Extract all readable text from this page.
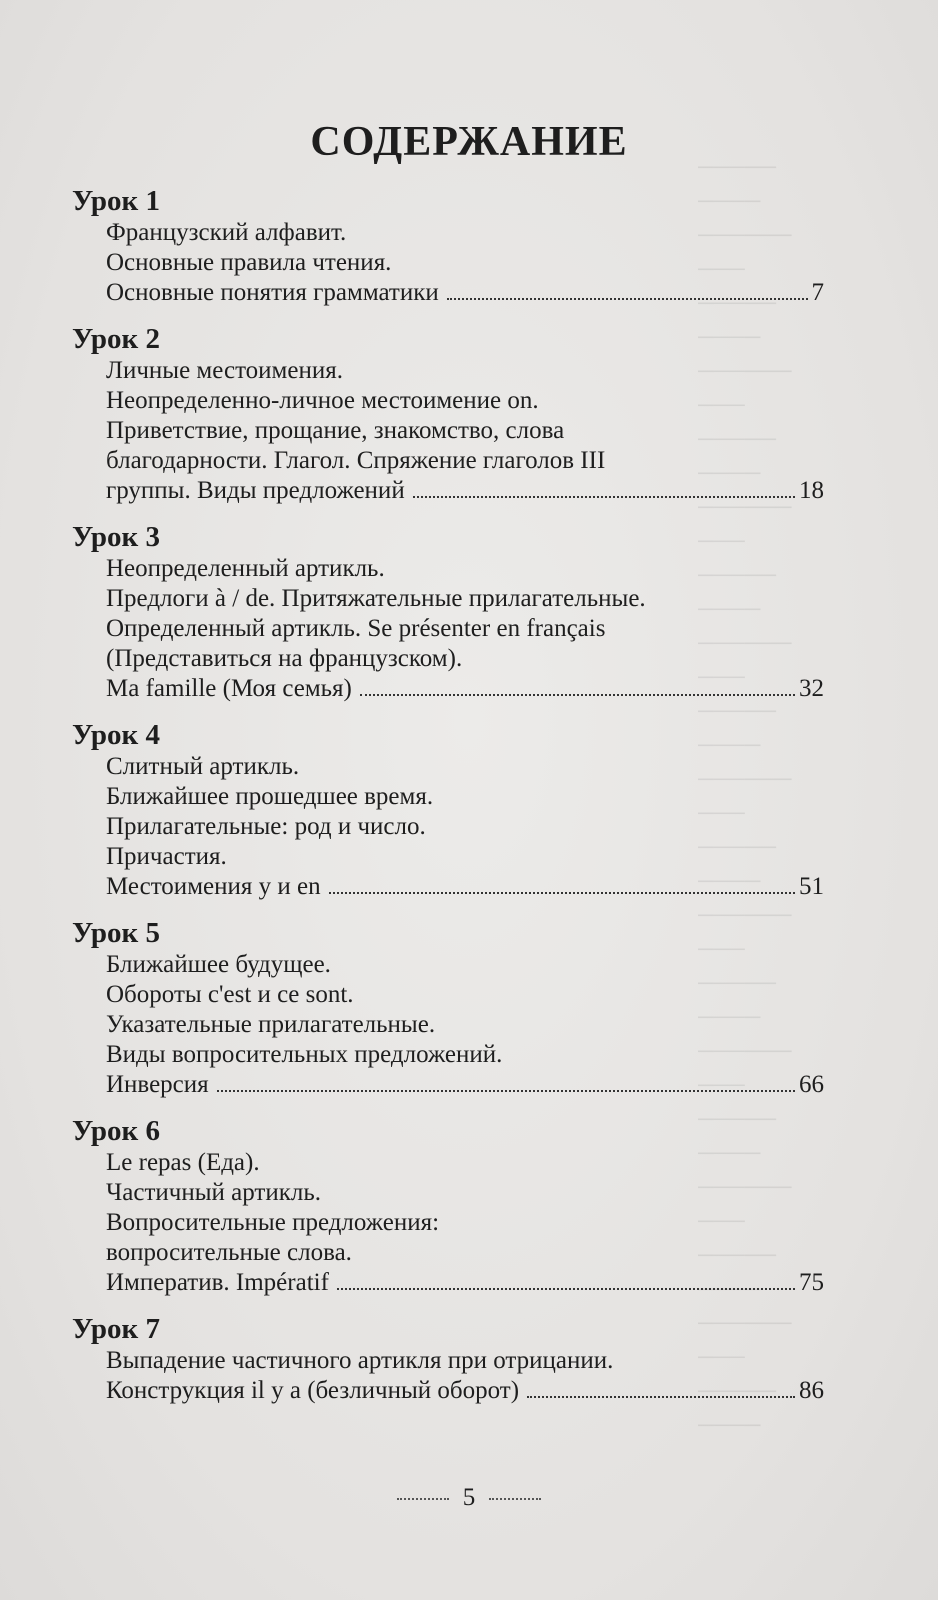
─────
────
──────
───
─────
────
──────
───
─────
────
──────
───
─────
────
──────
───
─────
────
──────
───
─────
────
──────
───
─────
────
──────
───
─────
────
──────
───
─────
────
──────
───
─────
────
СОДЕРЖАНИЕ
Урок 1
Французский алфавит.
Основные правила чтения.
Основные понятия грамматики	7
Урок 2
Личные местоимения.
Неопределенно-личное местоимение on.
Приветствие, прощание, знакомство, слова
благодарности. Глагол. Спряжение глаголов III
группы. Виды предложений	18
Урок 3
Неопределенный артикль.
Предлоги à / de. Притяжательные прилагательные.
Определенный артикль. Se présenter en français
(Представиться на французском).
Ma famille (Моя семья)	32
Урок 4
Слитный артикль.
Ближайшее прошедшее время.
Прилагательные: род и число.
Причастия.
Местоимения y и en	51
Урок 5
Ближайшее будущее.
Обороты c'est и ce sont.
Указательные прилагательные.
Виды вопросительных предложений.
Инверсия	66
Урок 6
Le repas (Еда).
Частичный артикль.
Вопросительные предложения:
вопросительные слова.
Императив. Impératif	75
Урок 7
Выпадение частичного артикля при отрицании.
Конструкция il y a (безличный оборот)	86
5
